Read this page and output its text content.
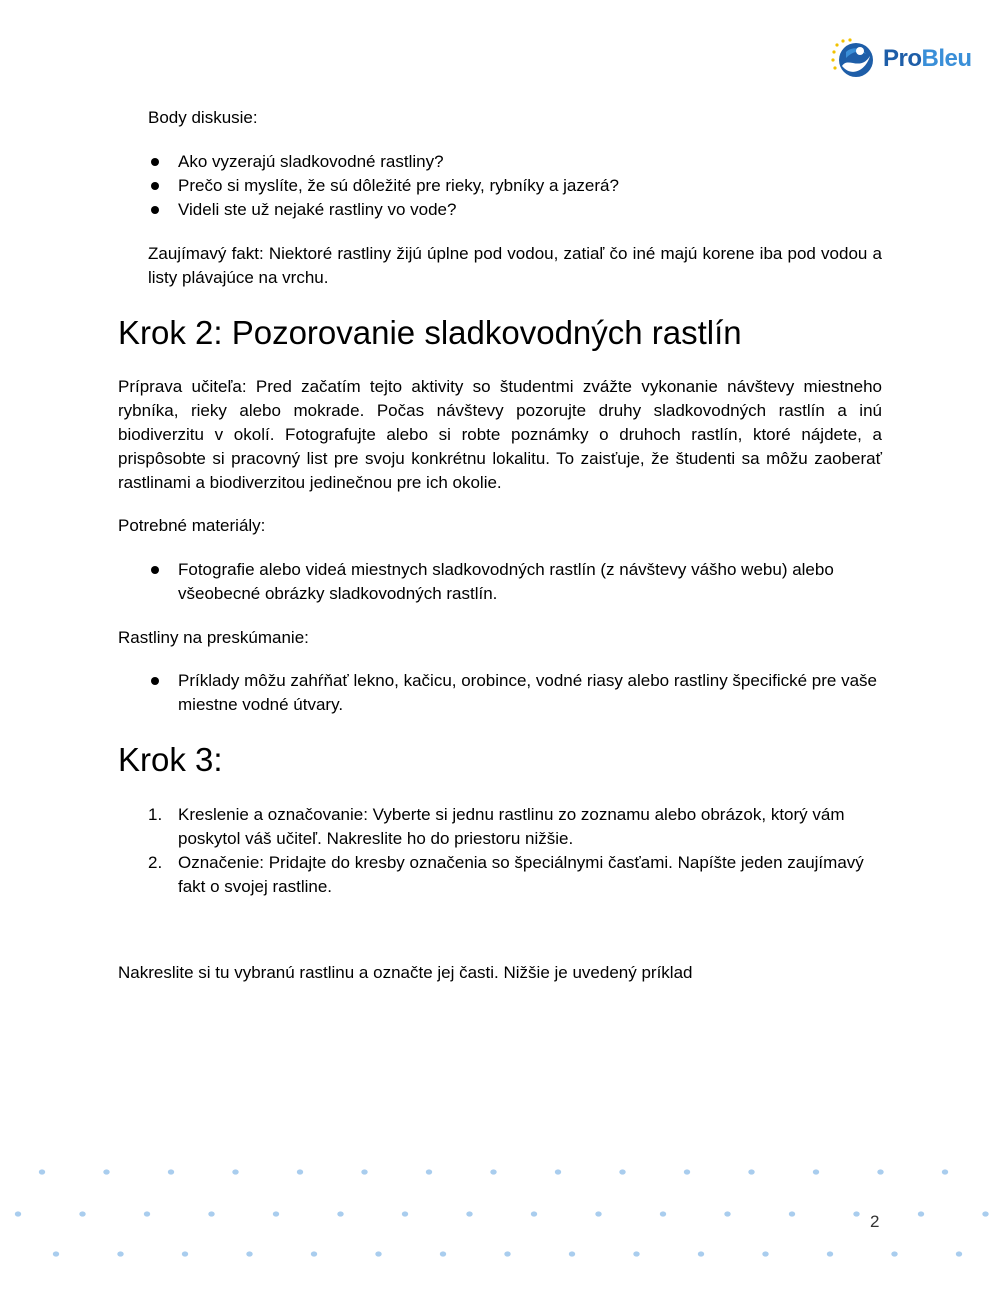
ProBleu
Body diskusie:
Ako vyzerajú sladkovodné rastliny?
Prečo si myslíte, že sú dôležité pre rieky, rybníky a jazerá?
Videli ste už nejaké rastliny vo vode?
Zaujímavý fakt: Niektoré rastliny žijú úplne pod vodou, zatiaľ čo iné majú korene iba pod vodou a listy plávajúce na vrchu.
Krok 2: Pozorovanie sladkovodných rastlín
Príprava učiteľa: Pred začatím tejto aktivity so študentmi zvážte vykonanie návštevy miestneho rybníka, rieky alebo mokrade. Počas návštevy pozorujte druhy sladkovodných rastlín a inú biodiverzitu v okolí. Fotografujte alebo si robte poznámky o druhoch rastlín, ktoré nájdete, a prispôsobte si pracovný list pre svoju konkrétnu lokalitu. To zaisťuje, že študenti sa môžu zaoberať rastlinami a biodiverzitou jedinečnou pre ich okolie.
Potrebné materiály:
Fotografie alebo videá miestnych sladkovodných rastlín (z návštevy vášho webu) alebo všeobecné obrázky sladkovodných rastlín.
Rastliny na preskúmanie:
Príklady môžu zahŕňať lekno, kačicu, orobince, vodné riasy alebo rastliny špecifické pre vaše miestne vodné útvary.
Krok 3:
1. Kreslenie a označovanie: Vyberte si jednu rastlinu zo zoznamu alebo obrázok, ktorý vám poskytol váš učiteľ. Nakreslite ho do priestoru nižšie.
2. Označenie: Pridajte do kresby označenia so špeciálnymi časťami. Napíšte jeden zaujímavý fakt o svojej rastline.
Nakreslite si tu vybranú rastlinu a označte jej časti. Nižšie je uvedený príklad
2
